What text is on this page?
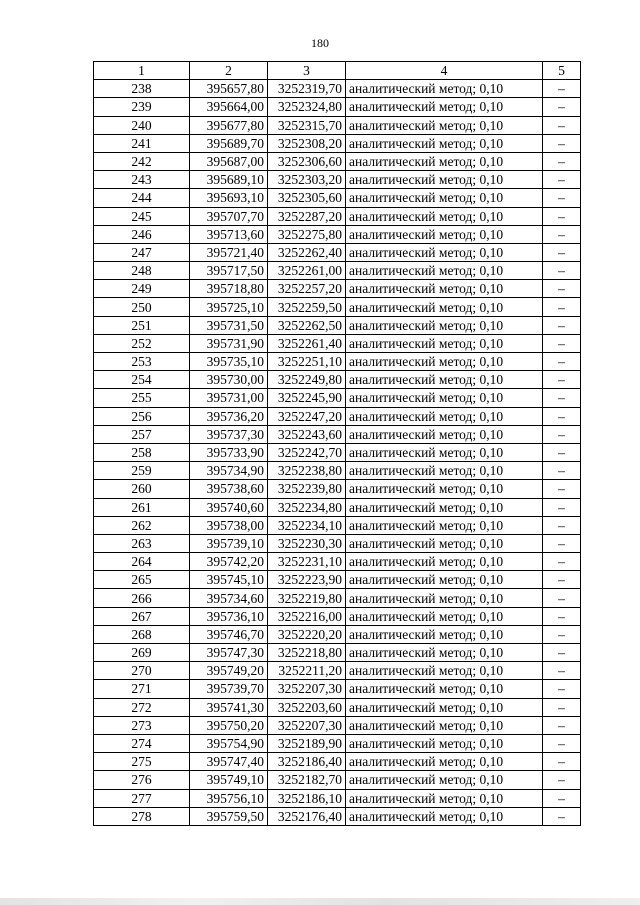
180
1	2	3	4	5
238	395657,80	3252319,70	аналитический метод; 0,10	–
239	395664,00	3252324,80	аналитический метод; 0,10	–
240	395677,80	3252315,70	аналитический метод; 0,10	–
241	395689,70	3252308,20	аналитический метод; 0,10	–
242	395687,00	3252306,60	аналитический метод; 0,10	–
243	395689,10	3252303,20	аналитический метод; 0,10	–
244	395693,10	3252305,60	аналитический метод; 0,10	–
245	395707,70	3252287,20	аналитический метод; 0,10	–
246	395713,60	3252275,80	аналитический метод; 0,10	–
247	395721,40	3252262,40	аналитический метод; 0,10	–
248	395717,50	3252261,00	аналитический метод; 0,10	–
249	395718,80	3252257,20	аналитический метод; 0,10	–
250	395725,10	3252259,50	аналитический метод; 0,10	–
251	395731,50	3252262,50	аналитический метод; 0,10	–
252	395731,90	3252261,40	аналитический метод; 0,10	–
253	395735,10	3252251,10	аналитический метод; 0,10	–
254	395730,00	3252249,80	аналитический метод; 0,10	–
255	395731,00	3252245,90	аналитический метод; 0,10	–
256	395736,20	3252247,20	аналитический метод; 0,10	–
257	395737,30	3252243,60	аналитический метод; 0,10	–
258	395733,90	3252242,70	аналитический метод; 0,10	–
259	395734,90	3252238,80	аналитический метод; 0,10	–
260	395738,60	3252239,80	аналитический метод; 0,10	–
261	395740,60	3252234,80	аналитический метод; 0,10	–
262	395738,00	3252234,10	аналитический метод; 0,10	–
263	395739,10	3252230,30	аналитический метод; 0,10	–
264	395742,20	3252231,10	аналитический метод; 0,10	–
265	395745,10	3252223,90	аналитический метод; 0,10	–
266	395734,60	3252219,80	аналитический метод; 0,10	–
267	395736,10	3252216,00	аналитический метод; 0,10	–
268	395746,70	3252220,20	аналитический метод; 0,10	–
269	395747,30	3252218,80	аналитический метод; 0,10	–
270	395749,20	3252211,20	аналитический метод; 0,10	–
271	395739,70	3252207,30	аналитический метод; 0,10	–
272	395741,30	3252203,60	аналитический метод; 0,10	–
273	395750,20	3252207,30	аналитический метод; 0,10	–
274	395754,90	3252189,90	аналитический метод; 0,10	–
275	395747,40	3252186,40	аналитический метод; 0,10	–
276	395749,10	3252182,70	аналитический метод; 0,10	–
277	395756,10	3252186,10	аналитический метод; 0,10	–
278	395759,50	3252176,40	аналитический метод; 0,10	–
